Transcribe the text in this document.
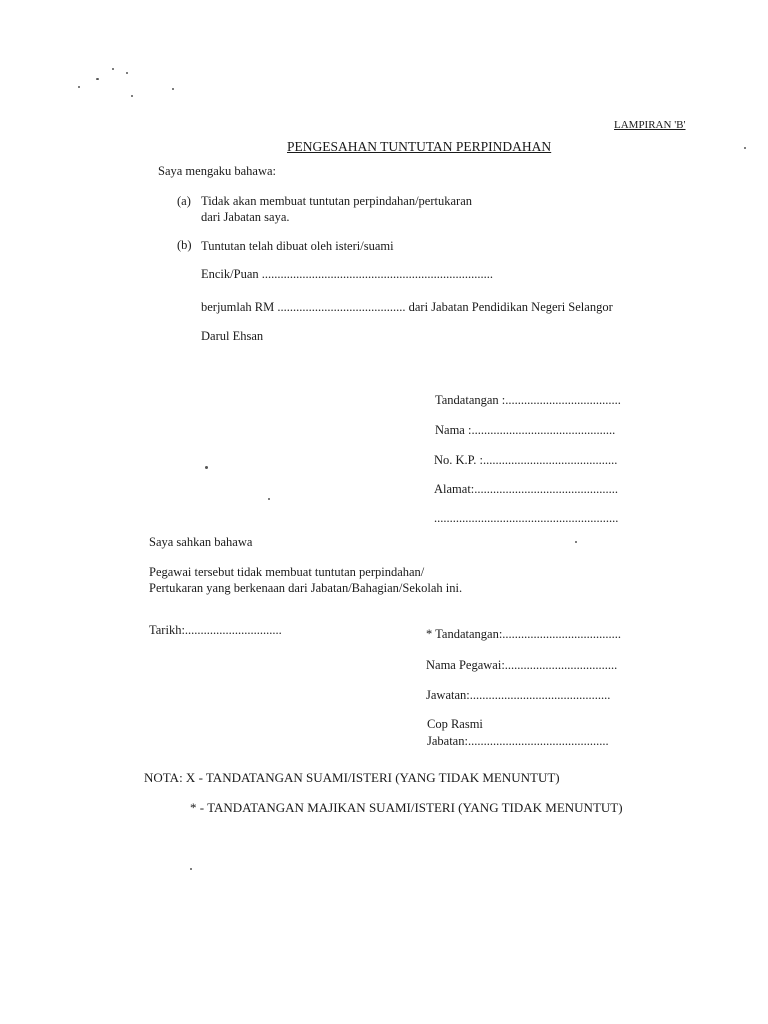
LAMPIRAN 'B'
PENGESAHAN TUNTUTAN PERPINDAHAN
Saya mengaku bahawa:
(a) Tidak akan membuat tuntutan perpindahan/pertukaran
dari Jabatan saya.
(b) Tuntutan telah dibuat oleh isteri/suami
Encik/Puan ..........................................................................
berjumlah RM ......................................... dari Jabatan Pendidikan Negeri Selangor
Darul Ehsan
Tandatangan :.....................................
Nama :..............................................
No. K.P. :...........................................
Alamat:..............................................
...........................................................
Saya sahkan bahawa
Pegawai tersebut tidak membuat tuntutan perpindahan/
Pertukaran yang berkenaan dari Jabatan/Bahagian/Sekolah ini.
Tarikh:...............................	* Tandatangan:......................................
Nama Pegawai:....................................
Jawatan:.............................................
Cop Rasmi
Jabatan:.............................................
NOTA: X - TANDATANGAN SUAMI/ISTERI (YANG TIDAK MENUNTUT)
* - TANDATANGAN MAJIKAN SUAMI/ISTERI (YANG TIDAK MENUNTUT)
